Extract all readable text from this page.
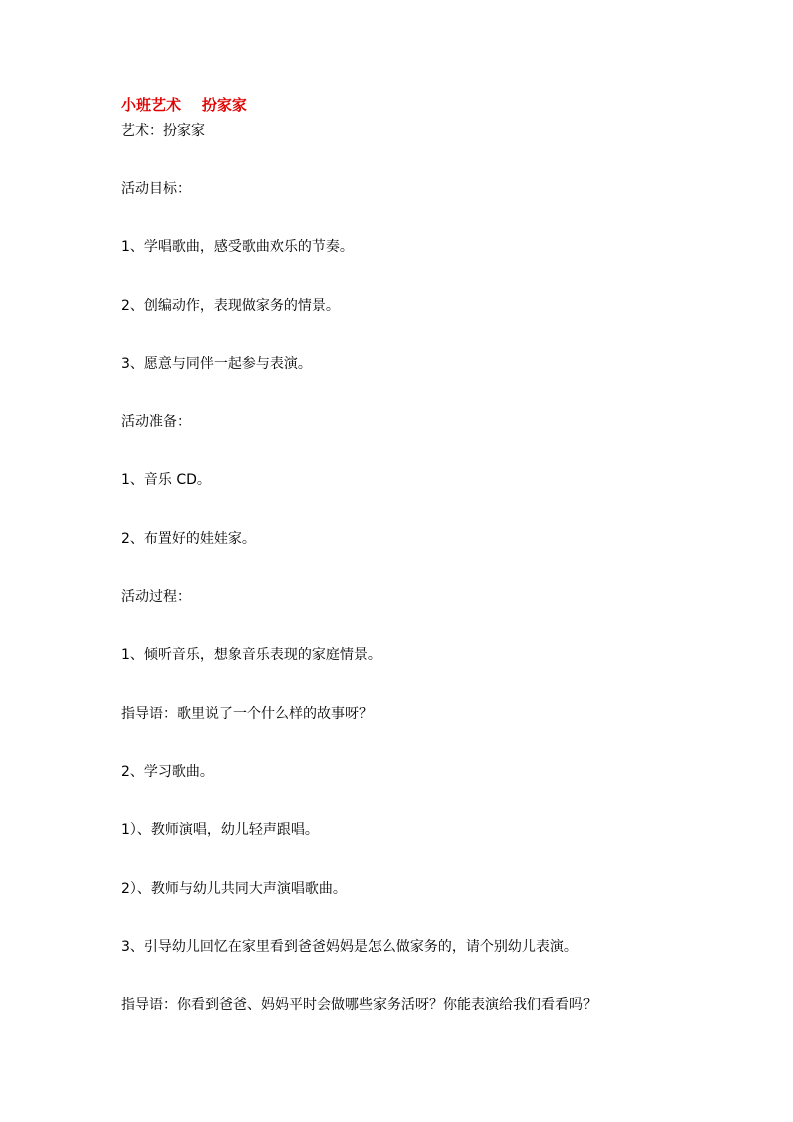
小班艺术    扮家家
艺术：扮家家
活动目标：
1、学唱歌曲，感受歌曲欢乐的节奏。
2、创编动作，表现做家务的情景。
3、愿意与同伴一起参与表演。
活动准备：
1、音乐 CD。
2、布置好的娃娃家。
活动过程：
1、倾听音乐，想象音乐表现的家庭情景。
指导语：歌里说了一个什么样的故事呀？
2、学习歌曲。
1）、教师演唱，幼儿轻声跟唱。
2）、教师与幼儿共同大声演唱歌曲。
3、引导幼儿回忆在家里看到爸爸妈妈是怎么做家务的，请个别幼儿表演。
指导语：你看到爸爸、妈妈平时会做哪些家务活呀？你能表演给我们看看吗？
